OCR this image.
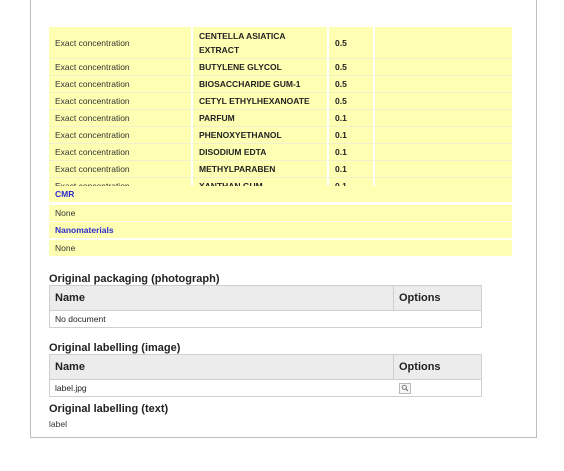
Exact concentration	CENTELLA ASIATICA EXTRACT	0.5	
Exact concentration	BUTYLENE GLYCOL	0.5	
Exact concentration	BIOSACCHARIDE GUM-1	0.5	
Exact concentration	CETYL ETHYLHEXANOATE	0.5	
Exact concentration	PARFUM	0.1	
Exact concentration	PHENOXYETHANOL	0.1	
Exact concentration	DISODIUM EDTA	0.1	
Exact concentration	METHYLPARABEN	0.1	

CMR
None
Nanomaterials
None
Original packaging (photograph)
Name	Options
No document
Original labelling (image)
Name	Options
label.jpg
Original labelling (text)
label
